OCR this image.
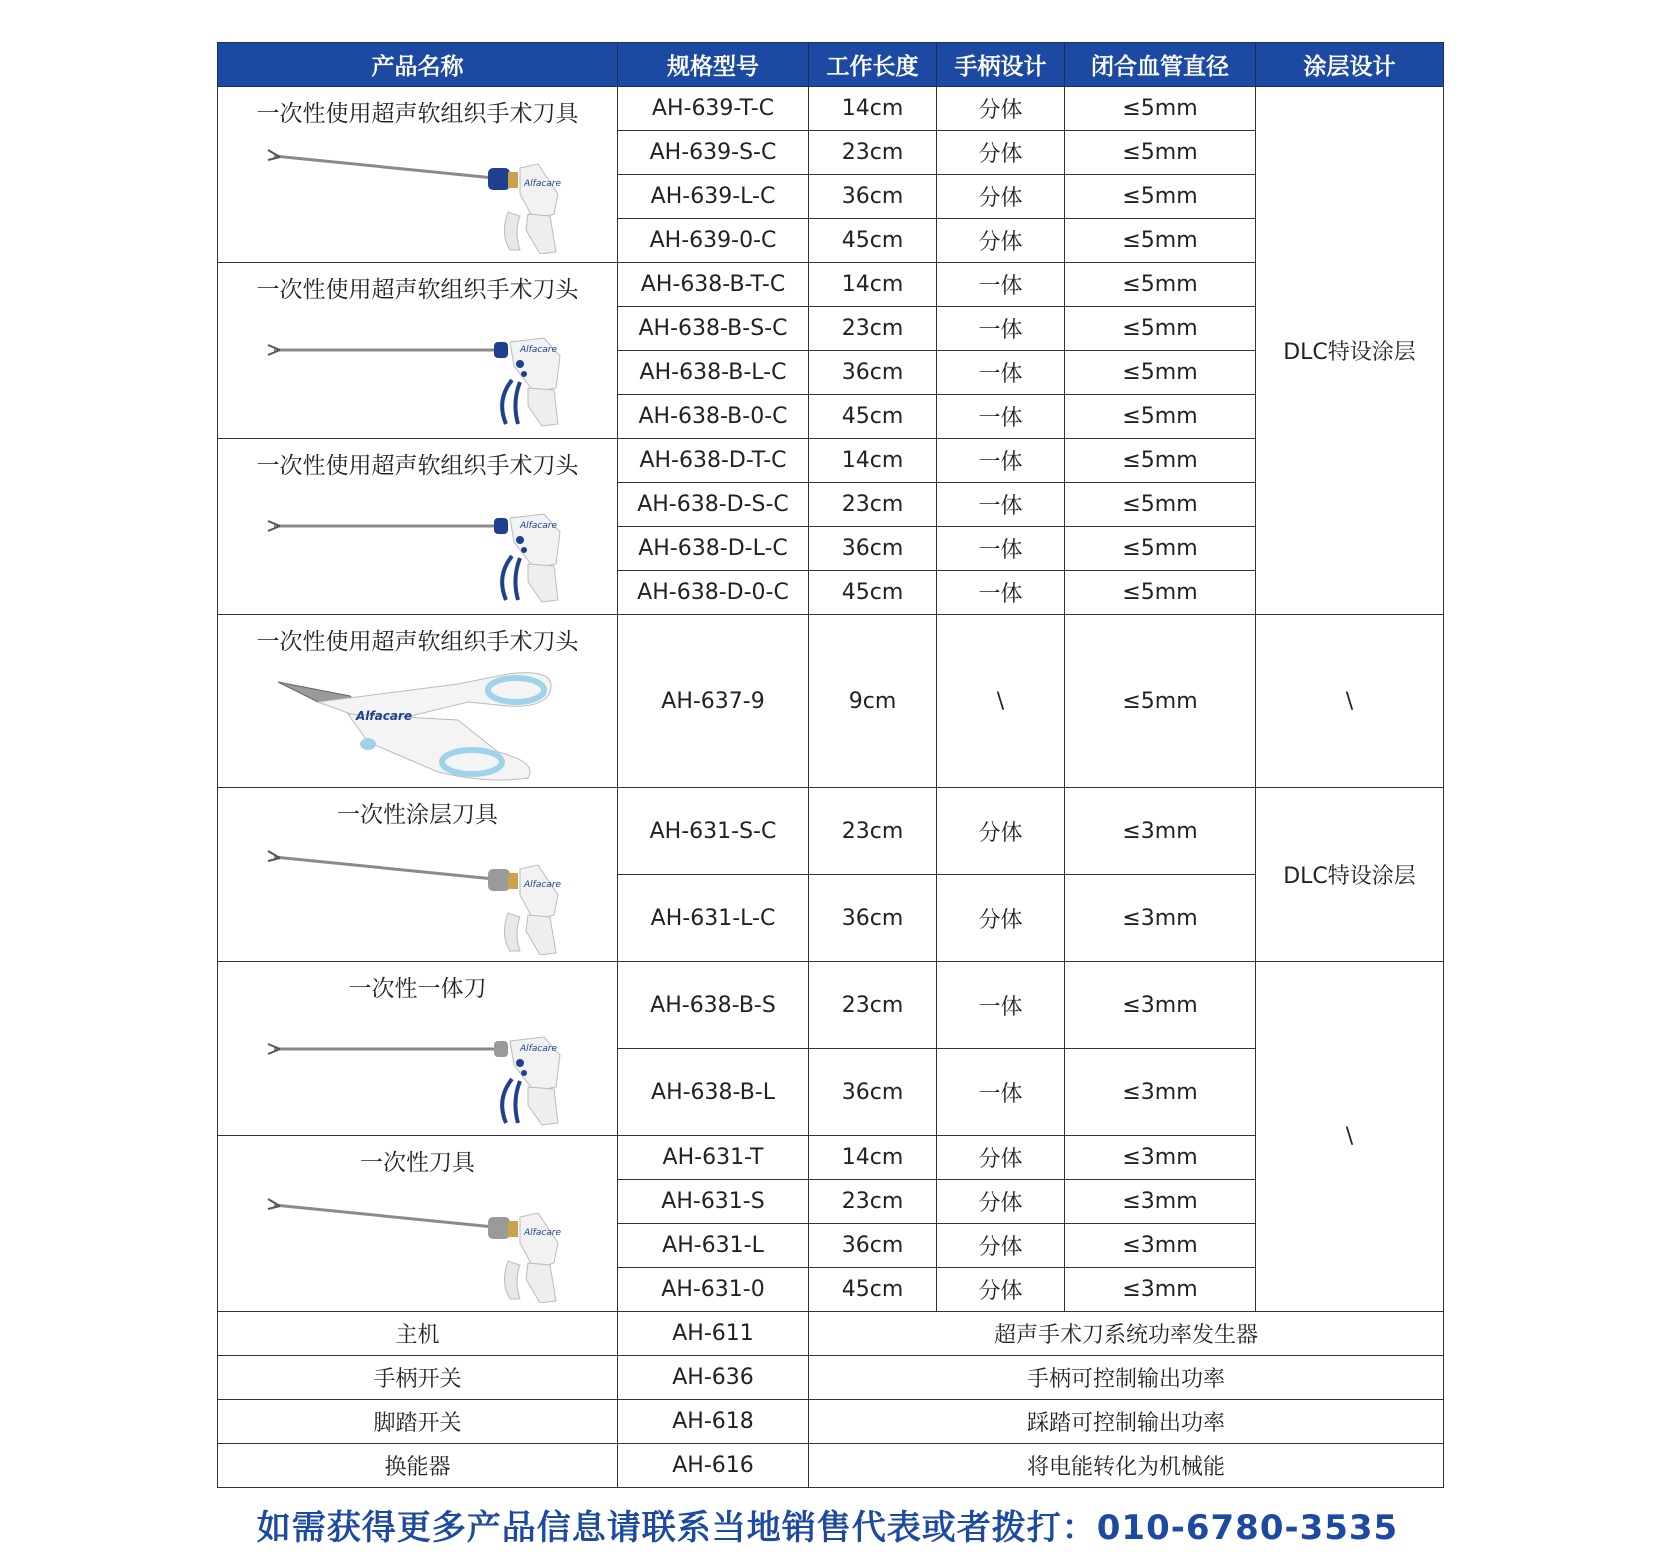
产品名称	规格型号	工作长度	手柄设计	闭合血管直径	涂层设计

一次性使用超声软组织手术刀具
Alfacare	AH-639-T-C	14cm	分体	≤5mm	DLC特设涂层
	AH-639-S-C	23cm	分体	≤5mm	
	AH-639-L-C	36cm	分体	≤5mm	
	AH-639-0-C	45cm	分体	≤5mm	

一次性使用超声软组织手术刀头
Alfacare	AH-638-B-T-C	14cm	一体	≤5mm	
	AH-638-B-S-C	23cm	一体	≤5mm	
	AH-638-B-L-C	36cm	一体	≤5mm	
	AH-638-B-0-C	45cm	一体	≤5mm	

一次性使用超声软组织手术刀头
Alfacare	AH-638-D-T-C	14cm	一体	≤5mm	
	AH-638-D-S-C	23cm	一体	≤5mm	
	AH-638-D-L-C	36cm	一体	≤5mm	
	AH-638-D-0-C	45cm	一体	≤5mm	

一次性使用超声软组织手术刀头
Alfacare	AH-637-9	9cm	\	≤5mm	\

一次性涂层刀具
Alfacare	AH-631-S-C	23cm	分体	≤3mm	DLC特设涂层
	AH-631-L-C	36cm	分体	≤3mm	

一次性一体刀
Alfacare	AH-638-B-S	23cm	一体	≤3mm	\
	AH-638-B-L	36cm	一体	≤3mm	

一次性刀具
Alfacare	AH-631-T	14cm	分体	≤3mm	
	AH-631-S	23cm	分体	≤3mm	
	AH-631-L	36cm	分体	≤3mm	
	AH-631-0	45cm	分体	≤3mm	
主机	AH-611	超声手术刀系统功率发生器			
手柄开关	AH-636	手柄可控制输出功率			
脚踏开关	AH-618	踩踏可控制输出功率			
换能器	AH-616	将电能转化为机械能			
如需获得更多产品信息请联系当地销售代表或者拨打：010-6780-3535
